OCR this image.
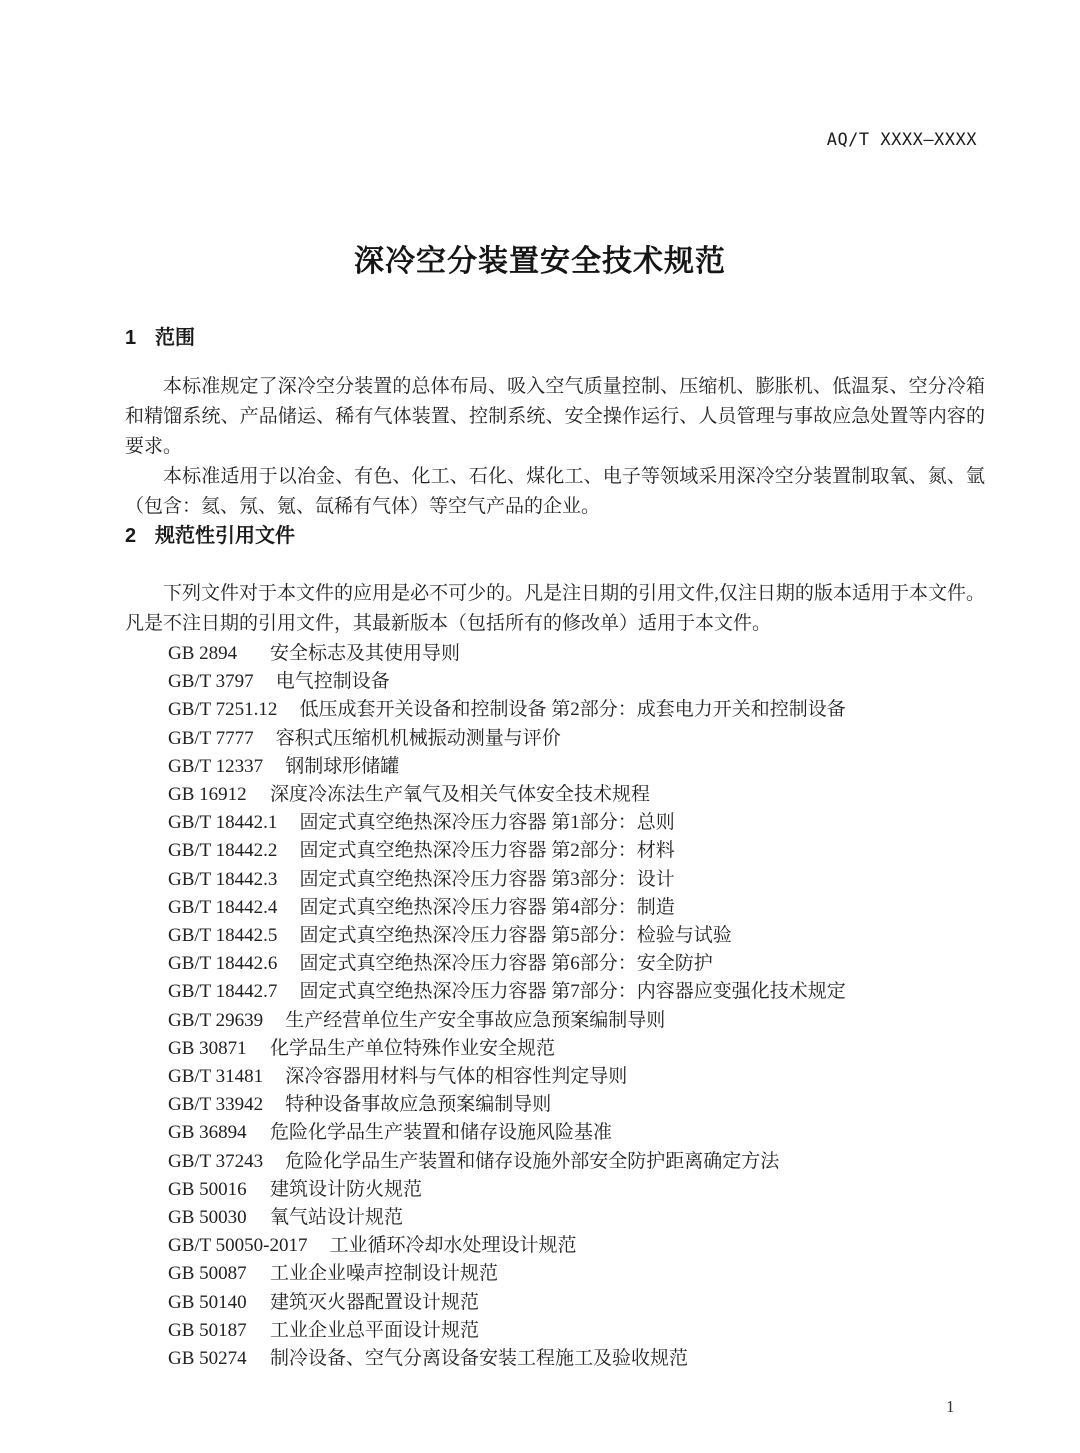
AQ/T XXXX—XXXX
深冷空分装置安全技术规范
1 范围

本标准规定了深冷空分装置的总体布局、吸入空气质量控制、压缩机、膨胀机、低温泵、空分冷箱和精馏系统、产品储运、稀有气体装置、控制系统、安全操作运行、人员管理与事故应急处置等内容的要求。

本标准适用于以冶金、有色、化工、石化、煤化工、电子等领域采用深冷空分装置制取氧、氮、氩（包含：氦、氖、氪、氙稀有气体）等空气产品的企业。

2 规范性引用文件

下列文件对于本文件的应用是必不可少的。凡是注日期的引用文件,仅注日期的版本适用于本文件。凡是不注日期的引用文件，其最新版本（包括所有的修改单）适用于本文件。

GB 2894 安全标志及其使用导则
GB/T 3797 电气控制设备
GB/T 7251.12 低压成套开关设备和控制设备 第2部分：成套电力开关和控制设备
GB/T 7777 容积式压缩机机械振动测量与评价
GB/T 12337 钢制球形储罐
GB 16912 深度冷冻法生产氧气及相关气体安全技术规程
GB/T 18442.1 固定式真空绝热深冷压力容器 第1部分：总则
GB/T 18442.2 固定式真空绝热深冷压力容器 第2部分：材料
GB/T 18442.3 固定式真空绝热深冷压力容器 第3部分：设计
GB/T 18442.4 固定式真空绝热深冷压力容器 第4部分：制造
GB/T 18442.5 固定式真空绝热深冷压力容器 第5部分：检验与试验
GB/T 18442.6 固定式真空绝热深冷压力容器 第6部分：安全防护
GB/T 18442.7 固定式真空绝热深冷压力容器 第7部分：内容器应变强化技术规定
GB/T 29639 生产经营单位生产安全事故应急预案编制导则
GB 30871 化学品生产单位特殊作业安全规范
GB/T 31481 深冷容器用材料与气体的相容性判定导则
GB/T 33942 特种设备事故应急预案编制导则
GB 36894 危险化学品生产装置和储存设施风险基准
GB/T 37243 危险化学品生产装置和储存设施外部安全防护距离确定方法
GB 50016 建筑设计防火规范
GB 50030 氧气站设计规范
GB/T 50050-2017 工业循环冷却水处理设计规范
GB 50087 工业企业噪声控制设计规范
GB 50140 建筑灭火器配置设计规范
GB 50187 工业企业总平面设计规范
GB 50274 制冷设备、空气分离设备安装工程施工及验收规范
1
